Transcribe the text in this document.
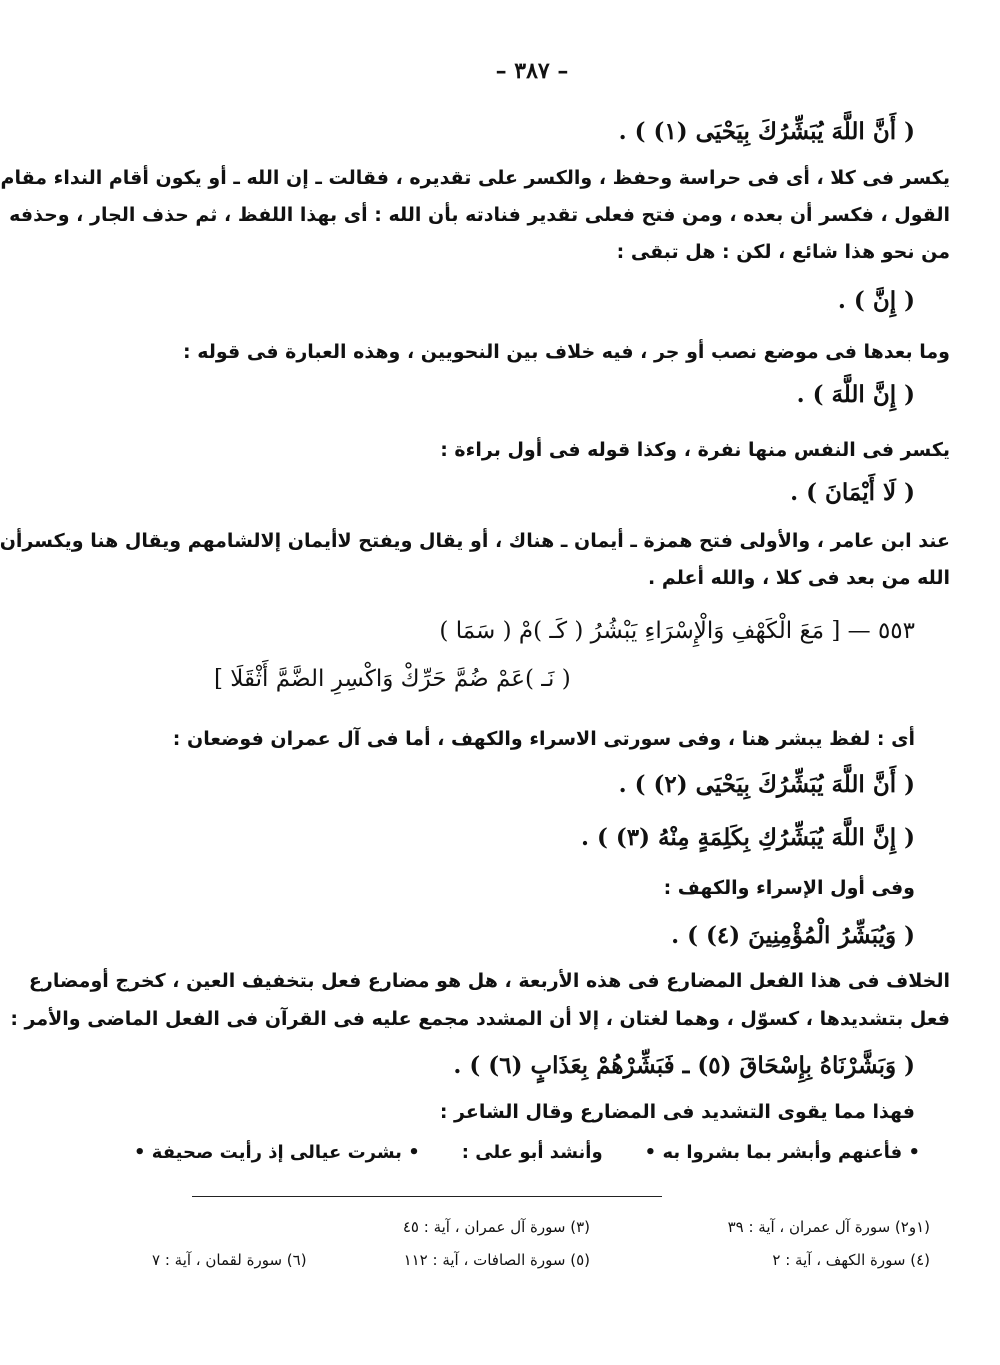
– ٣٨٧ –
( أَنَّ اللَّهَ يُبَشِّرُكَ بِيَحْيَى (١) ) .
يكسر فى كلا ، أى فى حراسة وحفظ ، والكسر على تقديره ، فقالت ـ إن الله ـ أو يكون أقام النداء مقام
القول ، فكسر أن بعده ، ومن فتح فعلى تقدير فنادته بأن الله : أى بهذا اللفظ ، ثم حذف الجار ، وحذفه
من نحو هذا شائع ، لكن : هل تبقى :
( إِنَّ ) .
وما بعدها فى موضع نصب أو جر ، فيه خلاف بين النحويين ، وهذه العبارة فى قوله :
( إِنَّ اللَّهَ ) .
يكسر فى النفس منها نفرة ، وكذا قوله فى أول براءة :
( لَا أَيْمَانَ ) .
عند ابن عامر ، والأولى فتح همزة ـ أيمان ـ هناك ، أو يقال ويفتح لاأيمان إلالشامهم ويقال هنا ويكسرأن
الله من بعد فى كلا ، والله أعلم .
٥٥٣ — [ مَعَ الْكَهْفِ وَالْإِسْرَاءِ يَبْشُرُ ( كَـ )مْ ( سَمَا )
( نَـ )عَمْ ضُمَّ حَرِّكْ وَاكْسِرِ الضَّمَّ أَثْقَلَا ]
أى : لفظ يبشر هنا ، وفى سورتى الاسراء والكهف ، أما فى آل عمران فوضعان :
( أَنَّ اللَّهَ يُبَشِّرُكَ بِيَحْيَى (٢) ) .
( إِنَّ اللَّهَ يُبَشِّرُكِ بِكَلِمَةٍ مِنْهُ (٣) ) .
وفى أول الإسراء والكهف :
( وَيُبَشِّرُ الْمُؤْمِنِينَ (٤) ) .
الخلاف فى هذا الفعل المضارع فى هذه الأربعة ، هل هو مضارع فعل بتخفيف العين ، كخرج أومضارع
فعل بتشديدها ، كسوّل ، وهما لغتان ، إلا أن المشدد مجمع عليه فى القرآن فى الفعل الماضى والأمر :
( وَبَشَّرْنَاهُ بِإِسْحَاقَ (٥) ـ فَبَشِّرْهُمْ بِعَذَابٍ (٦) ) .
فهذا مما يقوى التشديد فى المضارع وقال الشاعر :
• بشرت عيالى إذ رأيت صحيفة • وأنشد أبو على : • فأعنهم وأبشر بما بشروا به •
(١و٢) سورة آل عمران ، آية : ٣٩
(٣) سورة آل عمران ، آية : ٤٥
(٤) سورة الكهف ، آية : ٢
(٥) سورة الصافات ، آية : ١١٢
(٦) سورة لقمان ، آية : ٧
